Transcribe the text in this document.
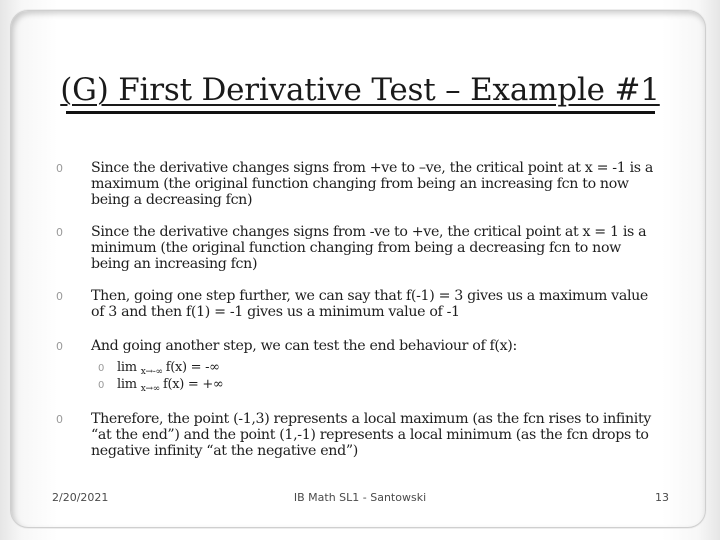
(G) First Derivative Test – Example #1
0 Since the derivative changes signs from +ve to –ve, the critical point at x = -1 is a maximum (the original function changing from being an increasing fcn to now being a decreasing fcn)
0 Since the derivative changes signs from -ve to +ve, the critical point at x = 1 is a minimum (the original function changing from being a decreasing fcn to now being an increasing fcn)
0 Then, going one step further, we can say that f(-1) = 3 gives us a maximum value of 3 and then f(1) = -1 gives us a minimum value of -1
0 And going another step, we can test the end behaviour of f(x):
0 lim $_{x\to-\infty}$ f(x) = -∞
0 lim $_{x\to\infty}$ f(x) = +∞
0 Therefore, the point (-1,3) represents a local maximum (as the fcn rises to infinity “at the end”) and the point (1,-1) represents a local minimum (as the fcn drops to negative infinity “at the negative end”)
2/20/2021	IB Math SL1 - Santowski	13
